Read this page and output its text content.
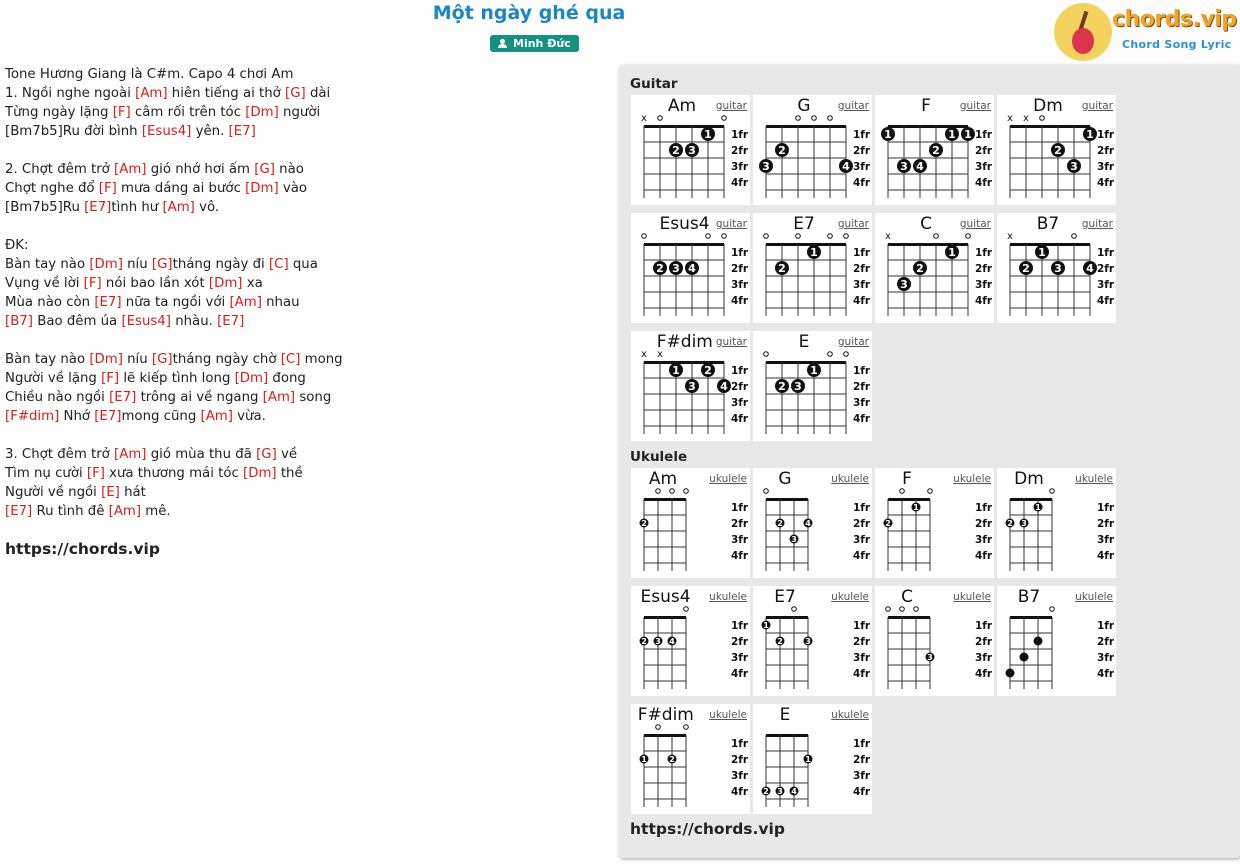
Một ngày ghé qua
Minh Đức
chords.vip
Chord Song Lyric
Tone Hương Giang là C#m. Capo 4 chơi Am
1. Ngồi nghe ngoài [Am] hiên tiếng ai thở [G] dài
Từng ngày lặng [F] câm rối trên tóc [Dm] người
[Bm7b5]Ru đời bình [Esus4] yên. [E7]
2. Chợt đêm trở [Am] gió nhớ hơi ấm [G] nào
Chợt nghe đổ [F] mưa dáng ai bước [Dm] vào
[Bm7b5]Ru [E7]tình hư [Am] vô.
ĐK:
Bàn tay nào [Dm] níu [G]tháng ngày đi [C] qua
Vụng về lời [F] nói bao lần xót [Dm] xa
Mùa nào còn [E7] nữa ta ngồi với [Am] nhau
[B7] Bao đêm úa [Esus4] nhàu. [E7]
Bàn tay nào [Dm] níu [G]tháng ngày chờ [C] mong
Người về lặng [F] lẽ kiếp tình long [Dm] đong
Chiều nào ngồi [E7] trông ai về ngang [Am] song
[F#dim] Nhớ [E7]mong cũng [Am] vừa.
3. Chợt đêm trở [Am] gió mùa thu đã [G] về
Tìm nụ cười [F] xưa thương mái tóc [Dm] thề
Người về ngồi [E] hát
[E7] Ru tình đê [Am] mê.
https://chords.vip
Guitar
Ukulele
https://chords.vip
Am guitar
1fr
2fr
3fr
4fr
x
2 3
1
G	guitar
1fr
2fr
3fr
4fr
3
2
4
F	guitar
1fr
2fr
3fr
4fr
1
3 4
2
1 1
Dm guitar
1fr
2fr
3fr
4fr
x x
2
3
1
Esus4 guitar
1fr
2fr
3fr
4fr
2 3 4
E7 guitar
1fr
2fr
3fr
4fr
2
1
C	guitar
1fr
2fr
3fr
4fr
x
3
2
1
B7 guitar
1fr
2fr
3fr
4fr
x
2
1
3 4
F#dim guitar
1fr
2fr
3fr
4fr
x x
1
3
2
4
E	guitar
1fr
2fr
3fr
4fr
2 3
1
Am	ukulele
1fr
2fr
3fr
4fr
2
G	ukulele
1fr
2fr
3fr
4fr
2
3
4
F	ukulele
1fr
2fr
3fr
4fr
2
1
Dm	ukulele
1fr
2fr
3fr
4fr
2 3
1
Esus4 ukulele
1fr
2fr
3fr
4fr
2 3 4
E7	ukulele
1fr
2fr
3fr
4fr
1
2	3
C	ukulele
1fr
2fr
3fr
4fr
3
B7	ukulele
1fr
2fr
3fr
4fr
F#dim ukulele
1fr
2fr
3fr
4fr
1	2
E	ukulele
1fr
2fr
3fr
4fr
2 3 4
1
